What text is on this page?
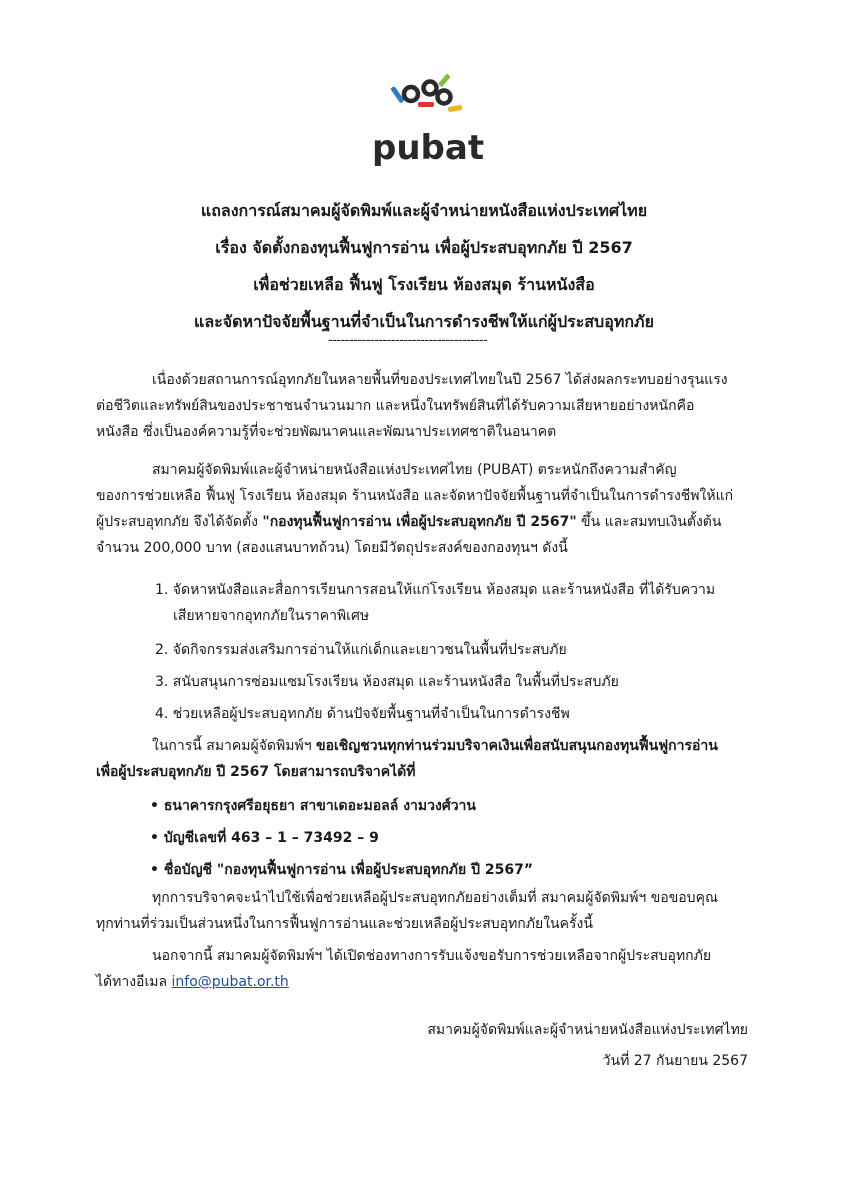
pubat
แถลงการณ์สมาคมผู้จัดพิมพ์และผู้จำหน่ายหนังสือแห่งประเทศไทย
เรื่อง จัดตั้งกองทุนฟื้นฟูการอ่าน เพื่อผู้ประสบอุทกภัย ปี 2567
เพื่อช่วยเหลือ ฟื้นฟู โรงเรียน ห้องสมุด ร้านหนังสือ
และจัดหาปัจจัยพื้นฐานที่จำเป็นในการดำรงชีพให้แก่ผู้ประสบอุทกภัย
--------------------------------------
เนื่องด้วยสถานการณ์อุทกภัยในหลายพื้นที่ของประเทศไทยในปี 2567 ได้ส่งผลกระทบอย่างรุนแรง
ต่อชีวิตและทรัพย์สินของประชาชนจำนวนมาก และหนึ่งในทรัพย์สินที่ได้รับความเสียหายอย่างหนักคือ
หนังสือ ซึ่งเป็นองค์ความรู้ที่จะช่วยพัฒนาคนและพัฒนาประเทศชาติในอนาคต
สมาคมผู้จัดพิมพ์และผู้จำหน่ายหนังสือแห่งประเทศไทย (PUBAT) ตระหนักถึงความสำคัญ
ของการช่วยเหลือ ฟื้นฟู โรงเรียน ห้องสมุด ร้านหนังสือ และจัดหาปัจจัยพื้นฐานที่จำเป็นในการดำรงชีพให้แก่
ผู้ประสบอุทกภัย จึงได้จัดตั้ง "กองทุนฟื้นฟูการอ่าน เพื่อผู้ประสบอุทกภัย ปี 2567" ขึ้น และสมทบเงินตั้งต้น
จำนวน 200,000 บาท (สองแสนบาทถ้วน) โดยมีวัตถุประสงค์ของกองทุนฯ ดังนี้
1. จัดหาหนังสือและสื่อการเรียนการสอนให้แก่โรงเรียน ห้องสมุด และร้านหนังสือ ที่ได้รับความ
เสียหายจากอุทกภัยในราคาพิเศษ
2. จัดกิจกรรมส่งเสริมการอ่านให้แก่เด็กและเยาวชนในพื้นที่ประสบภัย
3. สนับสนุนการซ่อมแซมโรงเรียน ห้องสมุด และร้านหนังสือ ในพื้นที่ประสบภัย
4. ช่วยเหลือผู้ประสบอุทกภัย ด้านปัจจัยพื้นฐานที่จำเป็นในการดำรงชีพ
ในการนี้ สมาคมผู้จัดพิมพ์ฯ ขอเชิญชวนทุกท่านร่วมบริจาคเงินเพื่อสนับสนุนกองทุนฟื้นฟูการอ่าน
เพื่อผู้ประสบอุทกภัย ปี 2567 โดยสามารถบริจาคได้ที่
• ธนาคารกรุงศรีอยุธยา สาขาเดอะมอลล์ งามวงศ์วาน
• บัญชีเลขที่ 463 – 1 – 73492 – 9
• ชื่อบัญชี "กองทุนฟื้นฟูการอ่าน เพื่อผู้ประสบอุทกภัย ปี 2567”
ทุกการบริจาคจะนำไปใช้เพื่อช่วยเหลือผู้ประสบอุทกภัยอย่างเต็มที่ สมาคมผู้จัดพิมพ์ฯ ขอขอบคุณ
ทุกท่านที่ร่วมเป็นส่วนหนึ่งในการฟื้นฟูการอ่านและช่วยเหลือผู้ประสบอุทกภัยในครั้งนี้
นอกจากนี้ สมาคมผู้จัดพิมพ์ฯ ได้เปิดช่องทางการรับแจ้งขอรับการช่วยเหลือจากผู้ประสบอุทกภัย
ได้ทางอีเมล info@pubat.or.th
สมาคมผู้จัดพิมพ์และผู้จำหน่ายหนังสือแห่งประเทศไทย
วันที่ 27 กันยายน 2567
